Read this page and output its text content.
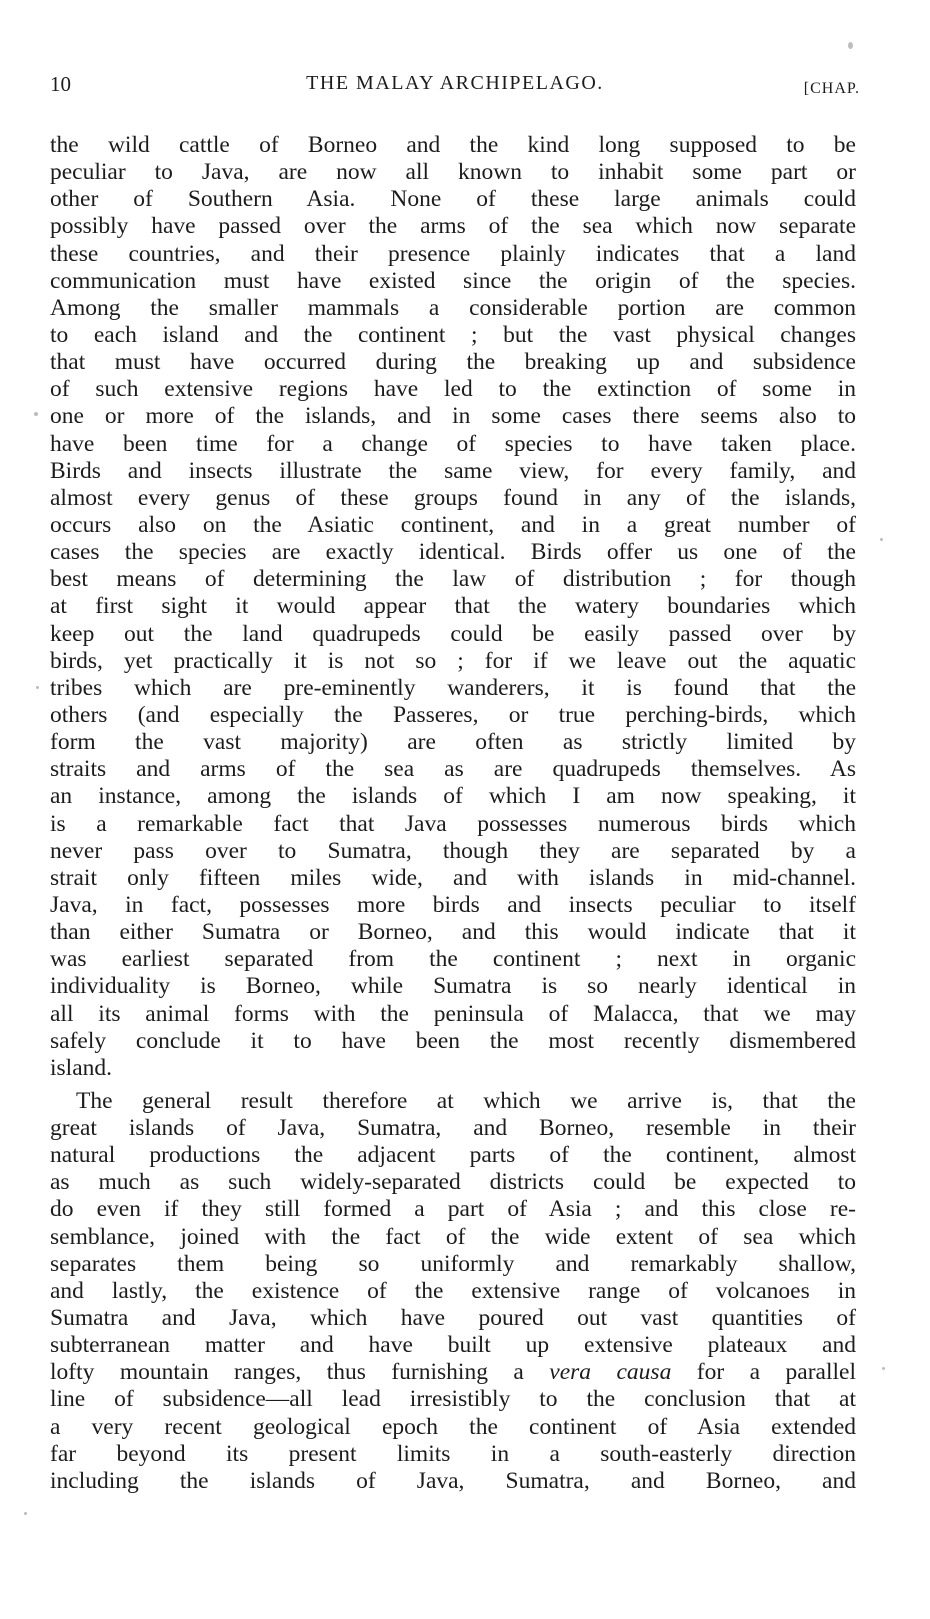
10	THE MALAY ARCHIPELAGO.	[CHAP.
the wild cattle of Borneo and the kind long supposed to be
peculiar to Java, are now all known to inhabit some part or
other of Southern Asia. None of these large animals could
possibly have passed over the arms of the sea which now separate
these countries, and their presence plainly indicates that a land
communication must have existed since the origin of the species.
Among the smaller mammals a considerable portion are common
to each island and the continent ; but the vast physical changes
that must have occurred during the breaking up and subsidence
of such extensive regions have led to the extinction of some in
one or more of the islands, and in some cases there seems also to
have been time for a change of species to have taken place.
Birds and insects illustrate the same view, for every family, and
almost every genus of these groups found in any of the islands,
occurs also on the Asiatic continent, and in a great number of
cases the species are exactly identical. Birds offer us one of the
best means of determining the law of distribution ; for though
at first sight it would appear that the watery boundaries which
keep out the land quadrupeds could be easily passed over by
birds, yet practically it is not so ; for if we leave out the aquatic
tribes which are pre-eminently wanderers, it is found that the
others (and especially the Passeres, or true perching-birds, which
form the vast majority) are often as strictly limited by
straits and arms of the sea as are quadrupeds themselves. As
an instance, among the islands of which I am now speaking, it
is a remarkable fact that Java possesses numerous birds which
never pass over to Sumatra, though they are separated by a
strait only fifteen miles wide, and with islands in mid-channel.
Java, in fact, possesses more birds and insects peculiar to itself
than either Sumatra or Borneo, and this would indicate that it
was earliest separated from the continent ; next in organic
individuality is Borneo, while Sumatra is so nearly identical in
all its animal forms with the peninsula of Malacca, that we may
safely conclude it to have been the most recently dismembered
island.
The general result therefore at which we arrive is, that the
great islands of Java, Sumatra, and Borneo, resemble in their
natural productions the adjacent parts of the continent, almost
as much as such widely-separated districts could be expected to
do even if they still formed a part of Asia ; and this close re-
semblance, joined with the fact of the wide extent of sea which
separates them being so uniformly and remarkably shallow,
and lastly, the existence of the extensive range of volcanoes in
Sumatra and Java, which have poured out vast quantities of
subterranean matter and have built up extensive plateaux and
lofty mountain ranges, thus furnishing a vera causa for a parallel
line of subsidence—all lead irresistibly to the conclusion that at
a very recent geological epoch the continent of Asia extended
far beyond its present limits in a south-easterly direction
including the islands of Java, Sumatra, and Borneo, and
